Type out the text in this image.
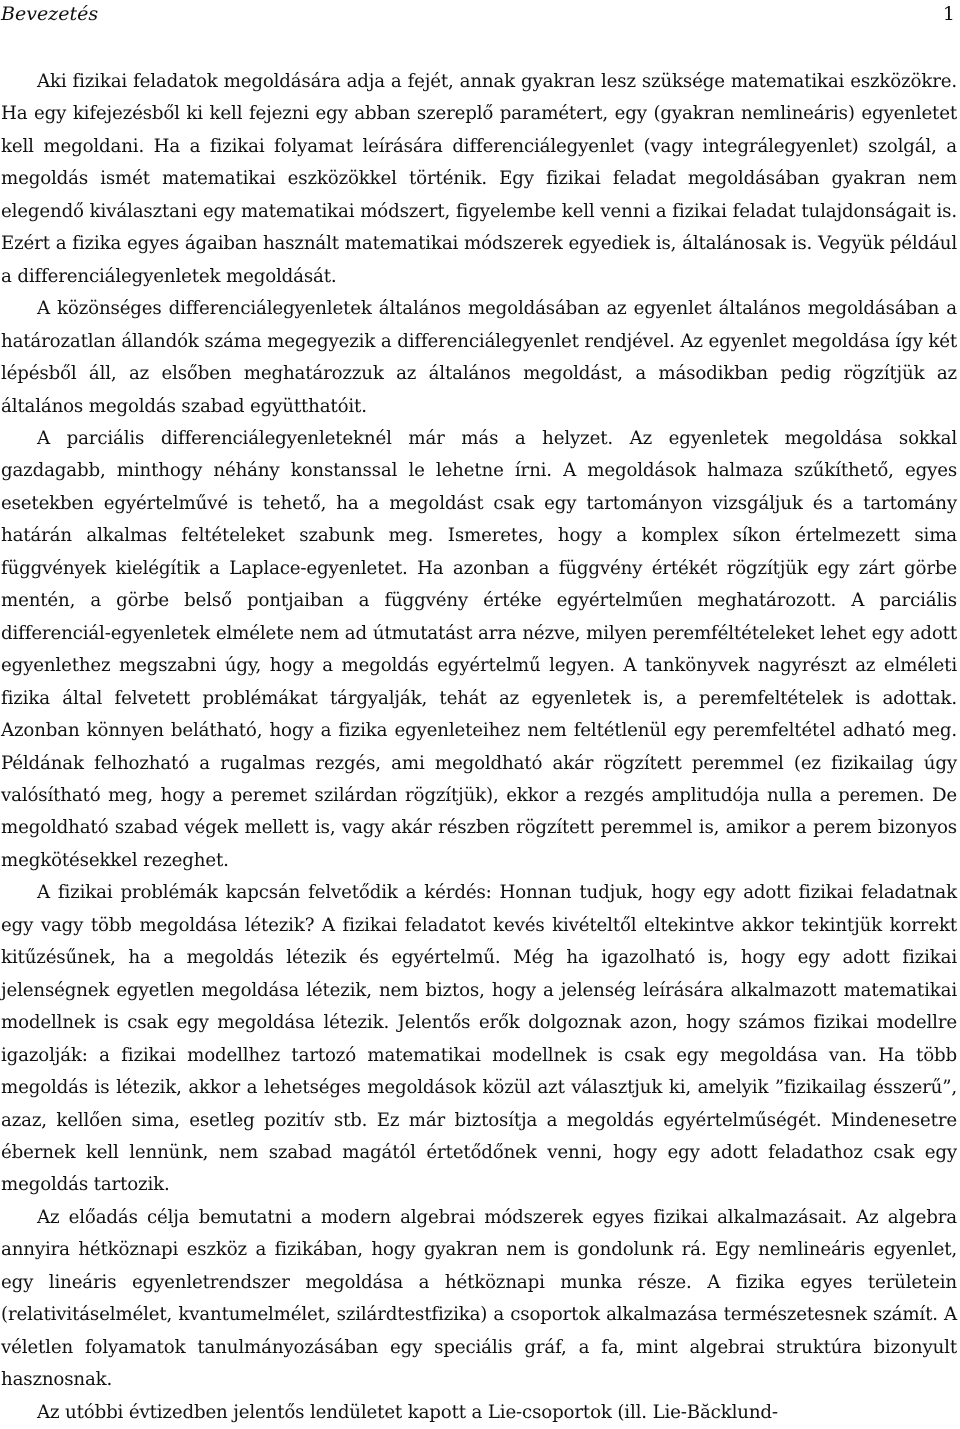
Bevezetés	1

Aki fizikai feladatok megoldására adja a fejét, annak gyakran lesz szüksége matematikai eszközökre. Ha egy kifejezésből ki kell fejezni egy abban szereplő paramétert, egy (gyakran nemlineáris) egyenletet kell megoldani. Ha a fizikai folyamat leírására differenciálegyenlet (vagy integrálegyenlet) szolgál, a megoldás ismét matematikai eszközökkel történik. Egy fizikai feladat megoldásában gyakran nem elegendő kiválasztani egy matematikai módszert, figyelembe kell venni a fizikai feladat tulajdonságait is. Ezért a fizika egyes ágaiban használt matematikai módszerek egyediek is, általánosak is. Vegyük például a differenciálegyenletek megoldását.

A közönséges differenciálegyenletek általános megoldásában az egyenlet általános megoldásában a határozatlan állandók száma megegyezik a differenciálegyenlet rendjével. Az egyenlet megoldása így két lépésből áll, az elsőben meghatározzuk az általános megoldást, a másodikban pedig rögzítjük az általános megoldás szabad együtthatóit.

A parciális differenciálegyenleteknél már más a helyzet. Az egyenletek megoldása sokkal gazdagabb, minthogy néhány konstanssal le lehetne írni. A megoldások halmaza szűkíthető, egyes esetekben egyértelművé is tehető, ha a megoldást csak egy tartományon vizsgáljuk és a tartomány határán alkalmas feltételeket szabunk meg. Ismeretes, hogy a komplex síkon értelmezett sima függvények kielégítik a Laplace-egyenletet. Ha azonban a függvény értékét rögzítjük egy zárt görbe mentén, a görbe belső pontjaiban a függvény értéke egyértelműen meghatározott. A parciális differenciál-egyenletek elmélete nem ad útmutatást arra nézve, milyen peremféltételeket lehet egy adott egyenlethez megszabni úgy, hogy a megoldás egyértelmű legyen. A tankönyvek nagyrészt az elméleti fizika által felvetett problémákat tárgyalják, tehát az egyenletek is, a peremfeltételek is adottak. Azonban könnyen belátható, hogy a fizika egyenleteihez nem feltétlenül egy peremfeltétel adható meg. Példának felhozható a rugalmas rezgés, ami megoldható akár rögzített peremmel (ez fizikailag úgy valósítható meg, hogy a peremet szilárdan rögzítjük), ekkor a rezgés amplitudója nulla a peremen. De megoldható szabad végek mellett is, vagy akár részben rögzített peremmel is, amikor a perem bizonyos megkötésekkel rezeghet.

A fizikai problémák kapcsán felvetődik a kérdés: Honnan tudjuk, hogy egy adott fizikai feladatnak egy vagy több megoldása létezik? A fizikai feladatot kevés kivételtől eltekintve akkor tekintjük korrekt kitűzésűnek, ha a megoldás létezik és egyértelmű. Még ha igazolható is, hogy egy adott fizikai jelenségnek egyetlen megoldása létezik, nem biztos, hogy a jelenség leírására alkalmazott matematikai modellnek is csak egy megoldása létezik. Jelentős erők dolgoznak azon, hogy számos fizikai modellre igazolják: a fizikai modellhez tartozó matematikai modellnek is csak egy megoldása van. Ha több megoldás is létezik, akkor a lehetséges megoldások közül azt választjuk ki, amelyik ”fizikailag ésszerű”, azaz, kellően sima, esetleg pozitív stb. Ez már biztosítja a megoldás egyértelműségét. Mindenesetre ébernek kell lennünk, nem szabad magától értetődőnek venni, hogy egy adott feladathoz csak egy megoldás tartozik.

Az előadás célja bemutatni a modern algebrai módszerek egyes fizikai alkalmazásait. Az algebra annyira hétköznapi eszköz a fizikában, hogy gyakran nem is gondolunk rá. Egy nemlineáris egyenlet, egy lineáris egyenletrendszer megoldása a hétköznapi munka része. A fizika egyes területein (relativitáselmélet, kvantumelmélet, szilárdtestfizika) a csoportok alkalmazása természetesnek számít. A véletlen folyamatok tanulmányozásában egy speciális gráf, a fa, mint algebrai struktúra bizonyult hasznosnak.

Az utóbbi évtizedben jelentős lendületet kapott a Lie-csoportok (ill. Lie-Bӑcklund-
